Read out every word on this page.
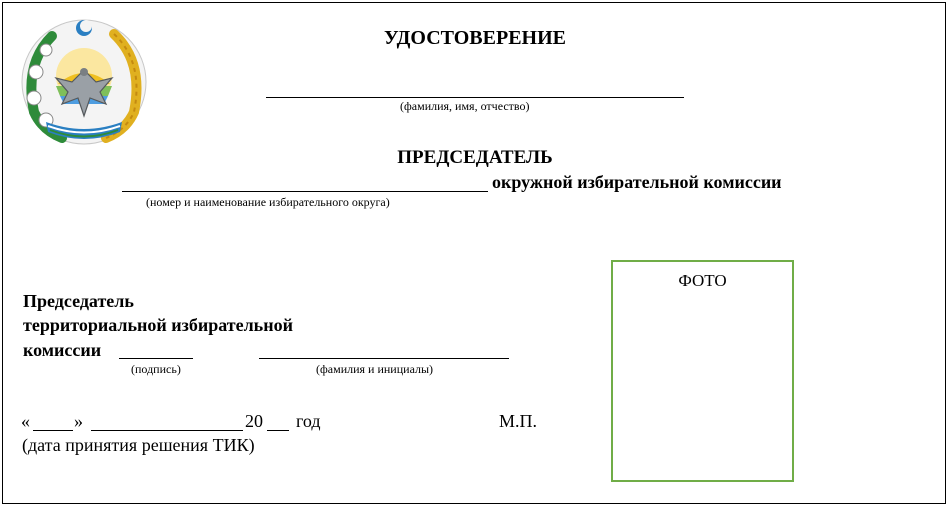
УДОСТОВЕРЕНИЕ
(фамилия, имя, отчество)
ПРЕДСЕДАТЕЛЬ
окружной избирательной комиссии
(номер и наименование избирательного округа)
Председатель
территориальной избирательной
комиссии
(подпись)	(фамилия и инициалы)
« »	20 год
(дата принятия решения ТИК)
М.П.
ФОТО
